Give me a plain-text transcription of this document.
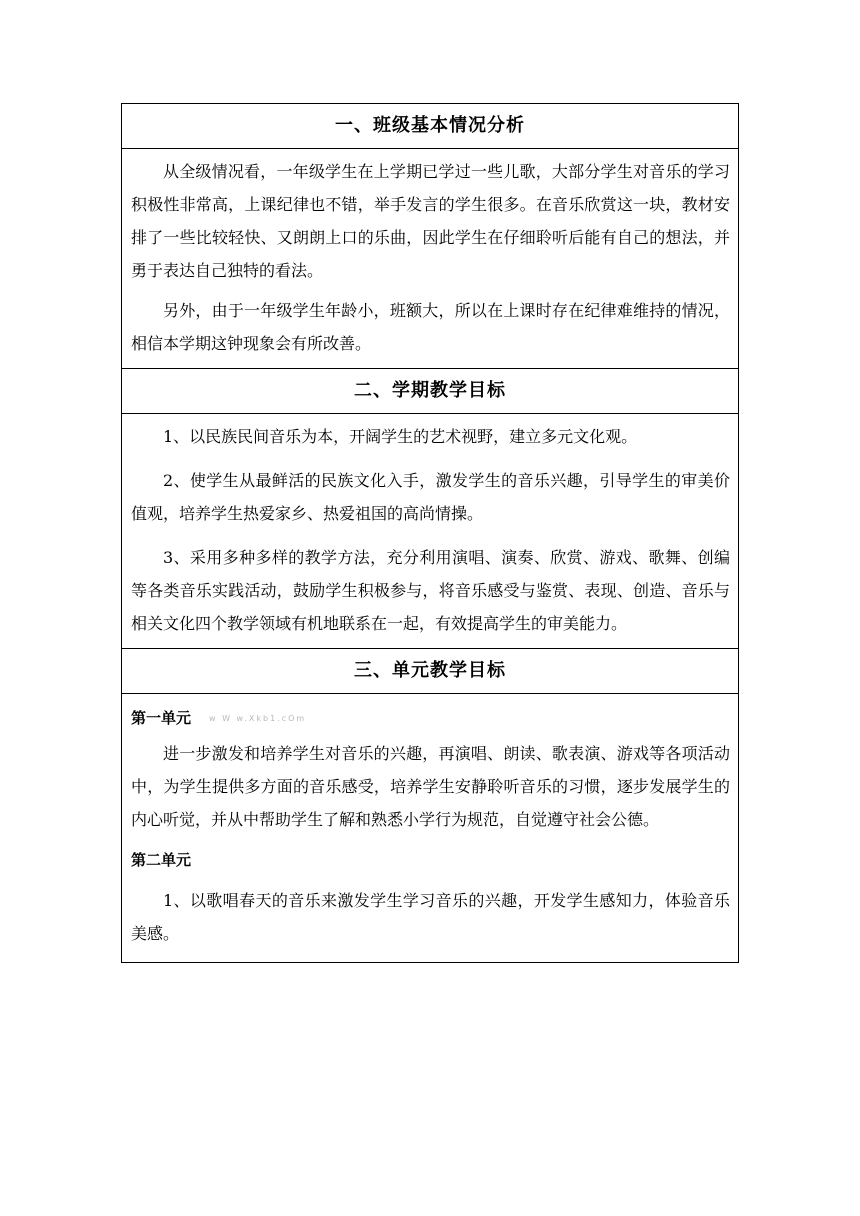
一、班级基本情况分析

从全级情况看，一年级学生在上学期已学过一些儿歌，大部分学生对音乐的学习积极性非常高，上课纪律也不错，举手发言的学生很多。在音乐欣赏这一块，教材安排了一些比较轻快、又朗朗上口的乐曲，因此学生在仔细聆听后能有自己的想法，并勇于表达自己独特的看法。

另外，由于一年级学生年龄小，班额大，所以在上课时存在纪律难维持的情况，相信本学期这钟现象会有所改善。

二、学期教学目标

1、以民族民间音乐为本，开阔学生的艺术视野，建立多元文化观。

2、使学生从最鲜活的民族文化入手，激发学生的音乐兴趣，引导学生的审美价值观，培养学生热爱家乡、热爱祖国的高尚情操。

3、采用多种多样的教学方法，充分利用演唱、演奏、欣赏、游戏、歌舞、创编等各类音乐实践活动，鼓励学生积极参与，将音乐感受与鉴赏、表现、创造、音乐与相关文化四个教学领域有机地联系在一起，有效提高学生的审美能力。

三、单元教学目标

第一单元 w W w.Xkb1.cOm

进一步激发和培养学生对音乐的兴趣，再演唱、朗读、歌表演、游戏等各项活动中，为学生提供多方面的音乐感受，培养学生安静聆听音乐的习惯，逐步发展学生的内心听觉，并从中帮助学生了解和熟悉小学行为规范，自觉遵守社会公德。

第二单元

1、以歌唱春天的音乐来激发学生学习音乐的兴趣，开发学生感知力，体验音乐美感。
